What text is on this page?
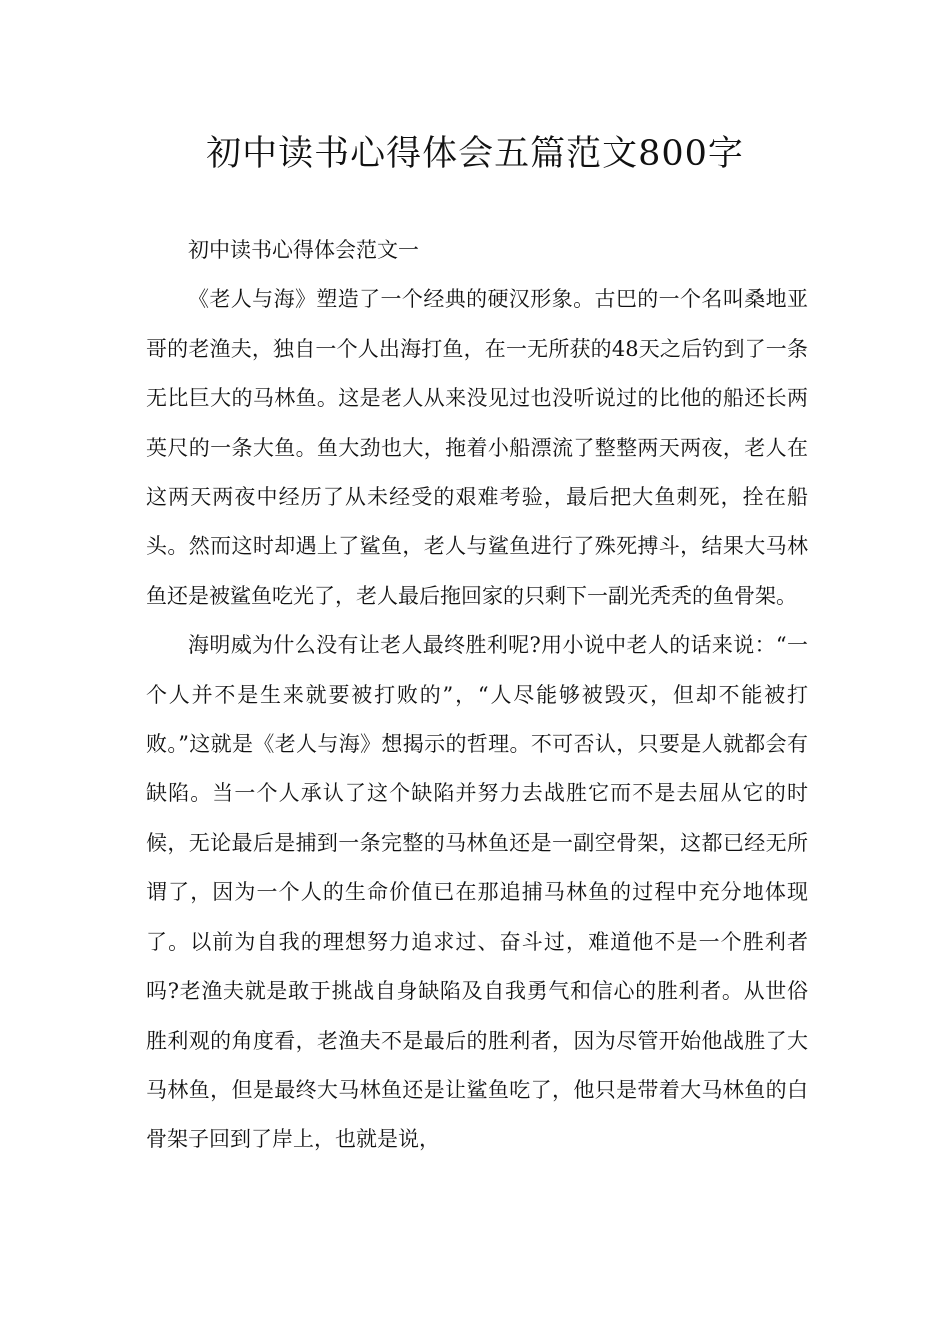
初中读书心得体会五篇范文800字

初中读书心得体会范文一

《老人与海》塑造了一个经典的硬汉形象。古巴的一个名叫桑地亚哥的老渔夫，独自一个人出海打鱼，在一无所获的48天之后钓到了一条无比巨大的马林鱼。这是老人从来没见过也没听说过的比他的船还长两英尺的一条大鱼。鱼大劲也大，拖着小船漂流了整整两天两夜，老人在这两天两夜中经历了从未经受的艰难考验，最后把大鱼刺死，拴在船头。然而这时却遇上了鲨鱼，老人与鲨鱼进行了殊死搏斗，结果大马林鱼还是被鲨鱼吃光了，老人最后拖回家的只剩下一副光秃秃的鱼骨架。

海明威为什么没有让老人最终胜利呢?用小说中老人的话来说：“一个人并不是生来就要被打败的”，“人尽能够被毁灭，但却不能被打败。”这就是《老人与海》想揭示的哲理。不可否认，只要是人就都会有缺陷。当一个人承认了这个缺陷并努力去战胜它而不是去屈从它的时候，无论最后是捕到一条完整的马林鱼还是一副空骨架，这都已经无所谓了，因为一个人的生命价值已在那追捕马林鱼的过程中充分地体现了。以前为自我的理想努力追求过、奋斗过，难道他不是一个胜利者吗?老渔夫就是敢于挑战自身缺陷及自我勇气和信心的胜利者。从世俗胜利观的角度看，老渔夫不是最后的胜利者，因为尽管开始他战胜了大马林鱼，但是最终大马林鱼还是让鲨鱼吃了，他只是带着大马林鱼的白骨架子回到了岸上，也就是说，
